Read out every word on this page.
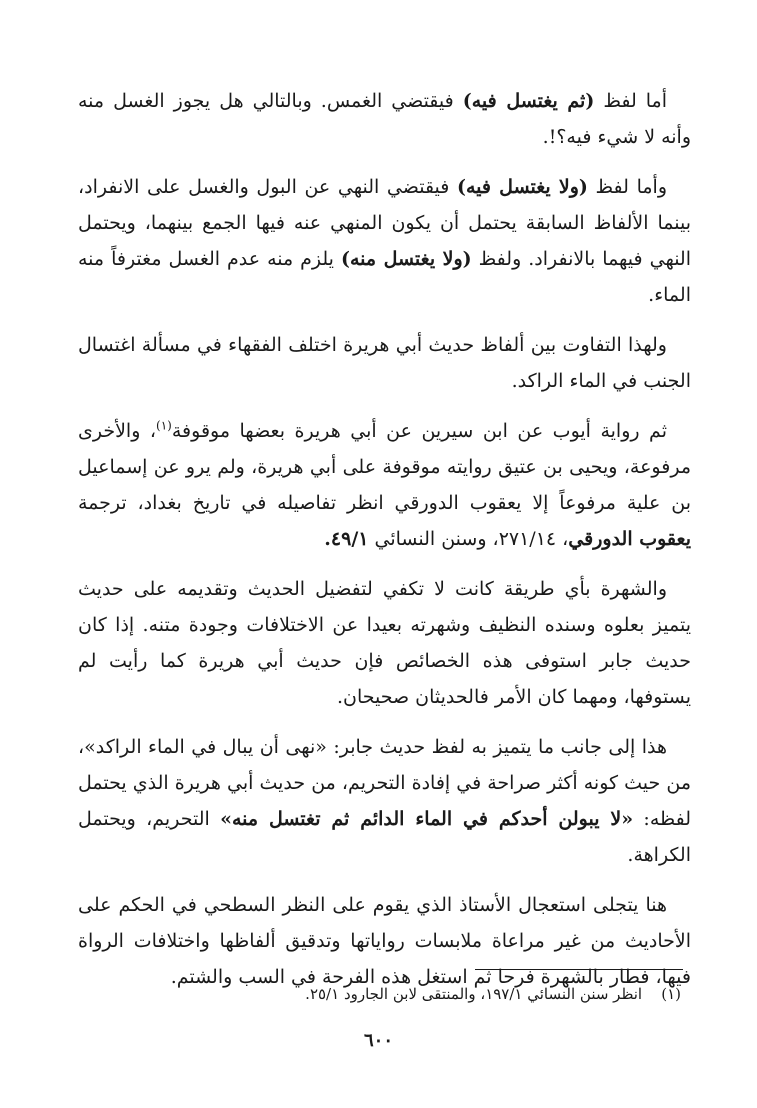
أما لفظ (ثم يغتسل فيه) فيقتضي الغمس. وبالتالي هل يجوز الغسل منه وأنه لا شيء فيه؟!.

وأما لفظ (ولا يغتسل فيه) فيقتضي النهي عن البول والغسل على الانفراد، بينما الألفاظ السابقة يحتمل أن يكون المنهي عنه فيها الجمع بينهما، ويحتمل النهي فيهما بالانفراد. ولفظ (ولا يغتسل منه) يلزم منه عدم الغسل مغترفاً منه الماء.

ولهذا التفاوت بين ألفاظ حديث أبي هريرة اختلف الفقهاء في مسألة اغتسال الجنب في الماء الراكد.

ثم رواية أيوب عن ابن سيرين عن أبي هريرة بعضها موقوفة$^{(١)}$، والأخرى مرفوعة، ويحيى بن عتيق روايته موقوفة على أبي هريرة، ولم يرو عن إسماعيل بن علية مرفوعاً إلا يعقوب الدورقي انظر تفاصيله في تاريخ بغداد، ترجمة يعقوب الدورقي، ٢٧١/١٤، وسنن النسائي ٤٩/١.

والشهرة بأي طريقة كانت لا تكفي لتفضيل الحديث وتقديمه على حديث يتميز بعلوه وسنده النظيف وشهرته بعيدا عن الاختلافات وجودة متنه. إذا كان حديث جابر استوفى هذه الخصائص فإن حديث أبي هريرة كما رأيت لم يستوفها، ومهما كان الأمر فالحديثان صحيحان.

هذا إلى جانب ما يتميز به لفظ حديث جابر: «نهى أن يبال في الماء الراكد»، من حيث كونه أكثر صراحة في إفادة التحريم، من حديث أبي هريرة الذي يحتمل لفظه: «لا يبولن أحدكم في الماء الدائم ثم تغتسل منه» التحريم، ويحتمل الكراهة.

هنا يتجلى استعجال الأستاذ الذي يقوم على النظر السطحي في الحكم على الأحاديث من غير مراعاة ملابسات رواياتها وتدقيق ألفاظها واختلافات الرواة فيها، فطار بالشهرة فرحا ثم استغل هذه الفرحة في السب والشتم.

(١)    انظر سنن النسائي ١٩٧/١، والمنتقى لابن الجارود ٢٥/١.
٦٠٠
